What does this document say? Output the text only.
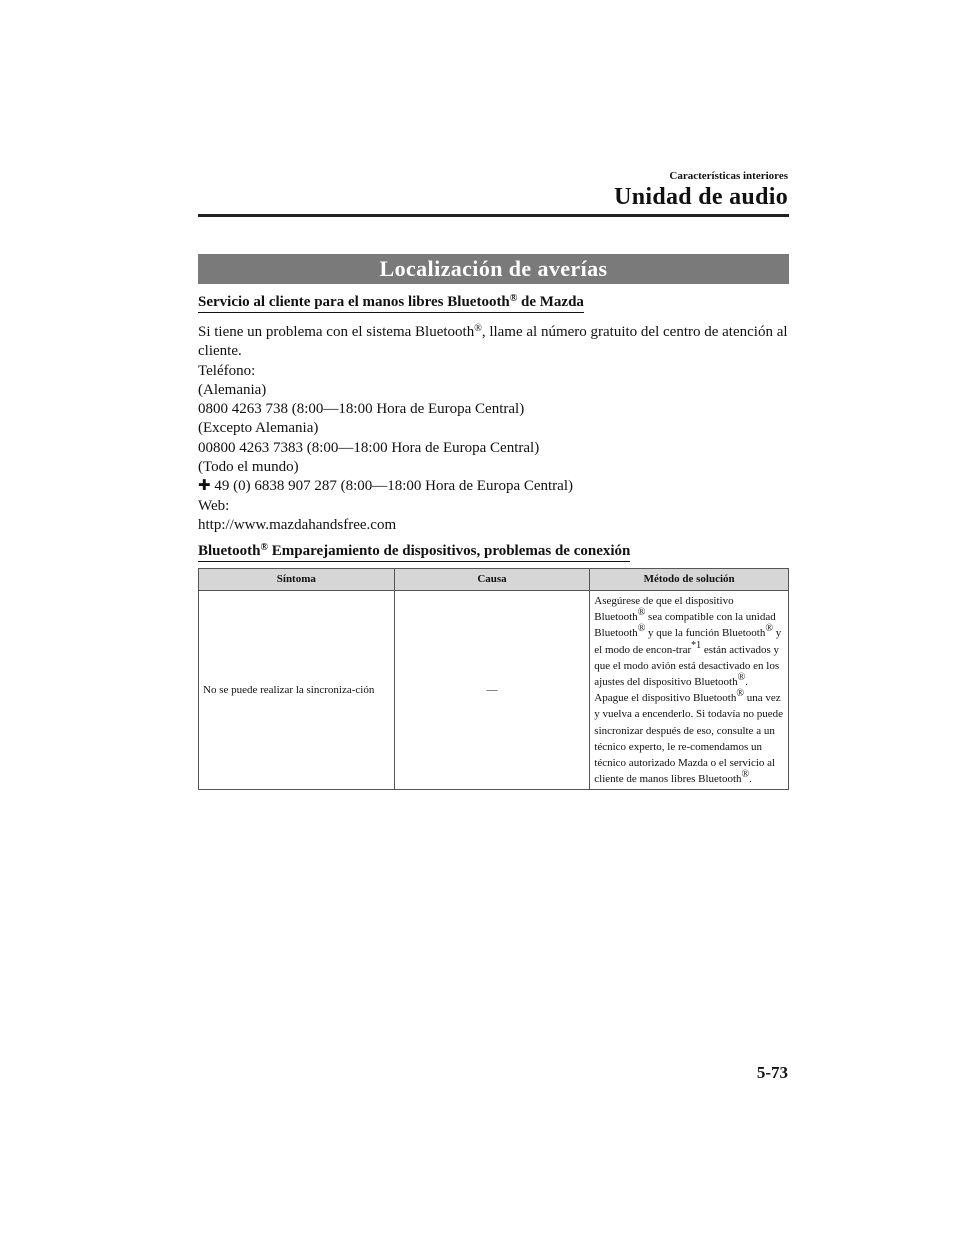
Características interiores
Unidad de audio
Localización de averías
Servicio al cliente para el manos libres Bluetooth® de Mazda

Si tiene un problema con el sistema Bluetooth®, llame al número gratuito del centro de atención al cliente.

Teléfono:

(Alemania)

0800 4263 738 (8:00―18:00 Hora de Europa Central)

(Excepto Alemania)

00800 4263 7383 (8:00―18:00 Hora de Europa Central)

(Todo el mundo)

✚ 49 (0) 6838 907 287 (8:00―18:00 Hora de Europa Central)

Web:

http://www.mazdahandsfree.com

Bluetooth® Emparejamiento de dispositivos, problemas de conexión
Síntoma	Causa	Método de solución
No se puede realizar la sincroniza-ción	―	Asegúrese de que el dispositivo Bluetooth® sea compatible con la unidad Bluetooth® y que la función Bluetooth® y el modo de encon-trar$^{*1}$ están activados y que el modo avión está desactivado en los ajustes del dispositivo Bluetooth®. Apague el dispositivo Bluetooth® una vez y vuelva a encenderlo. Si todavía no puede sincronizar después de eso, consulte a un técnico experto, le re-comendamos un técnico autorizado Mazda o el servicio al cliente de manos libres Bluetooth®.
5-73
